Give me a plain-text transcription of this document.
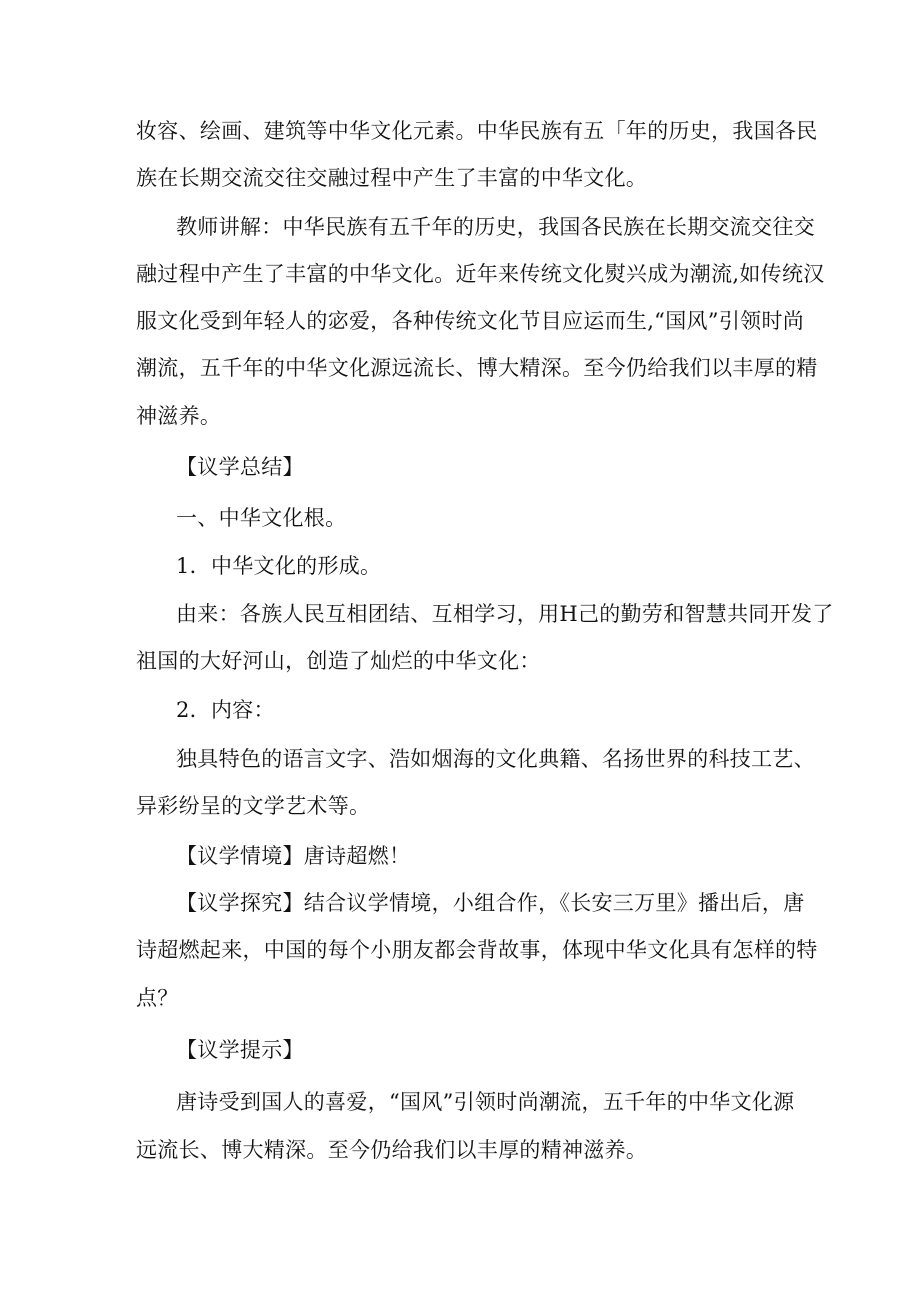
妆容、绘画、建筑等中华文化元素。中华民族有五「年的历史，我国各民
族在长期交流交往交融过程中产生了丰富的中华文化。
教师讲解：中华民族有五千年的历史，我国各民族在长期交流交往交
融过程中产生了丰富的中华文化。近年来传统文化熨兴成为潮流,如传统汉
服文化受到年轻人的宓爱，各种传统文化节目应运而生,“国风”引领时尚
潮流，五千年的中华文化源远流长、博大精深。至今仍给我们以丰厚的精
神滋养。
【议学总结】
一、中华文化根。
1．中华文化的形成。
由来：各族人民互相团结、互相学习，用H己的勤劳和智慧共同开发了
祖国的大好河山，创造了灿烂的中华文化：
2．内容：
独具特色的语言文字、浩如烟海的文化典籍、名扬世界的科技工艺、
异彩纷呈的文学艺术等。
【议学情境】唐诗超燃！
【议学探究】结合议学情境，小组合作，《长安三万里》播出后，唐
诗超燃起来，中国的每个小朋友都会背故事，体现中华文化具有怎样的特
点？
【议学提示】
唐诗受到国人的喜爱，“国风”引领时尚潮流，五千年的中华文化源
远流长、博大精深。至今仍给我们以丰厚的精神滋养。
